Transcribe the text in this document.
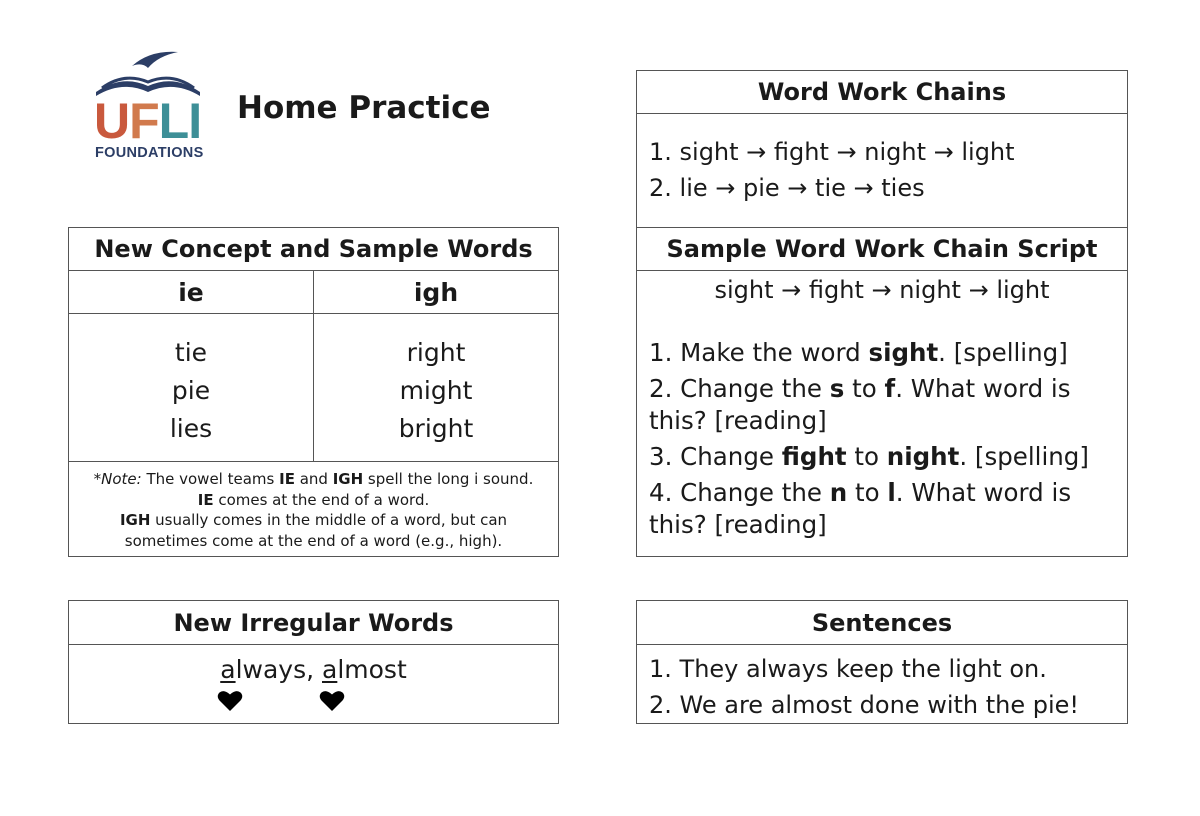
UFLI
FOUNDATIONS
Home Practice
New Concept and Sample Words
ie	igh
tie
pie
lies
right
might
bright
*Note: The vowel teams IE and IGH spell the long i sound.
IE comes at the end of a word.
IGH usually comes in the middle of a word, but can
sometimes come at the end of a word (e.g., high).
New Irregular Words
always, almost
Word Work Chains
1. sight → fight → night → light
2. lie → pie → tie → ties
Sample Word Work Chain Script
sight → fight → night → light
1. Make the word sight. [spelling]
2. Change the s to f. What word is this? [reading]
3. Change fight to night. [spelling]
4. Change the n to l. What word is this? [reading]
Sentences
1. They always keep the light on.
2. We are almost done with the pie!
